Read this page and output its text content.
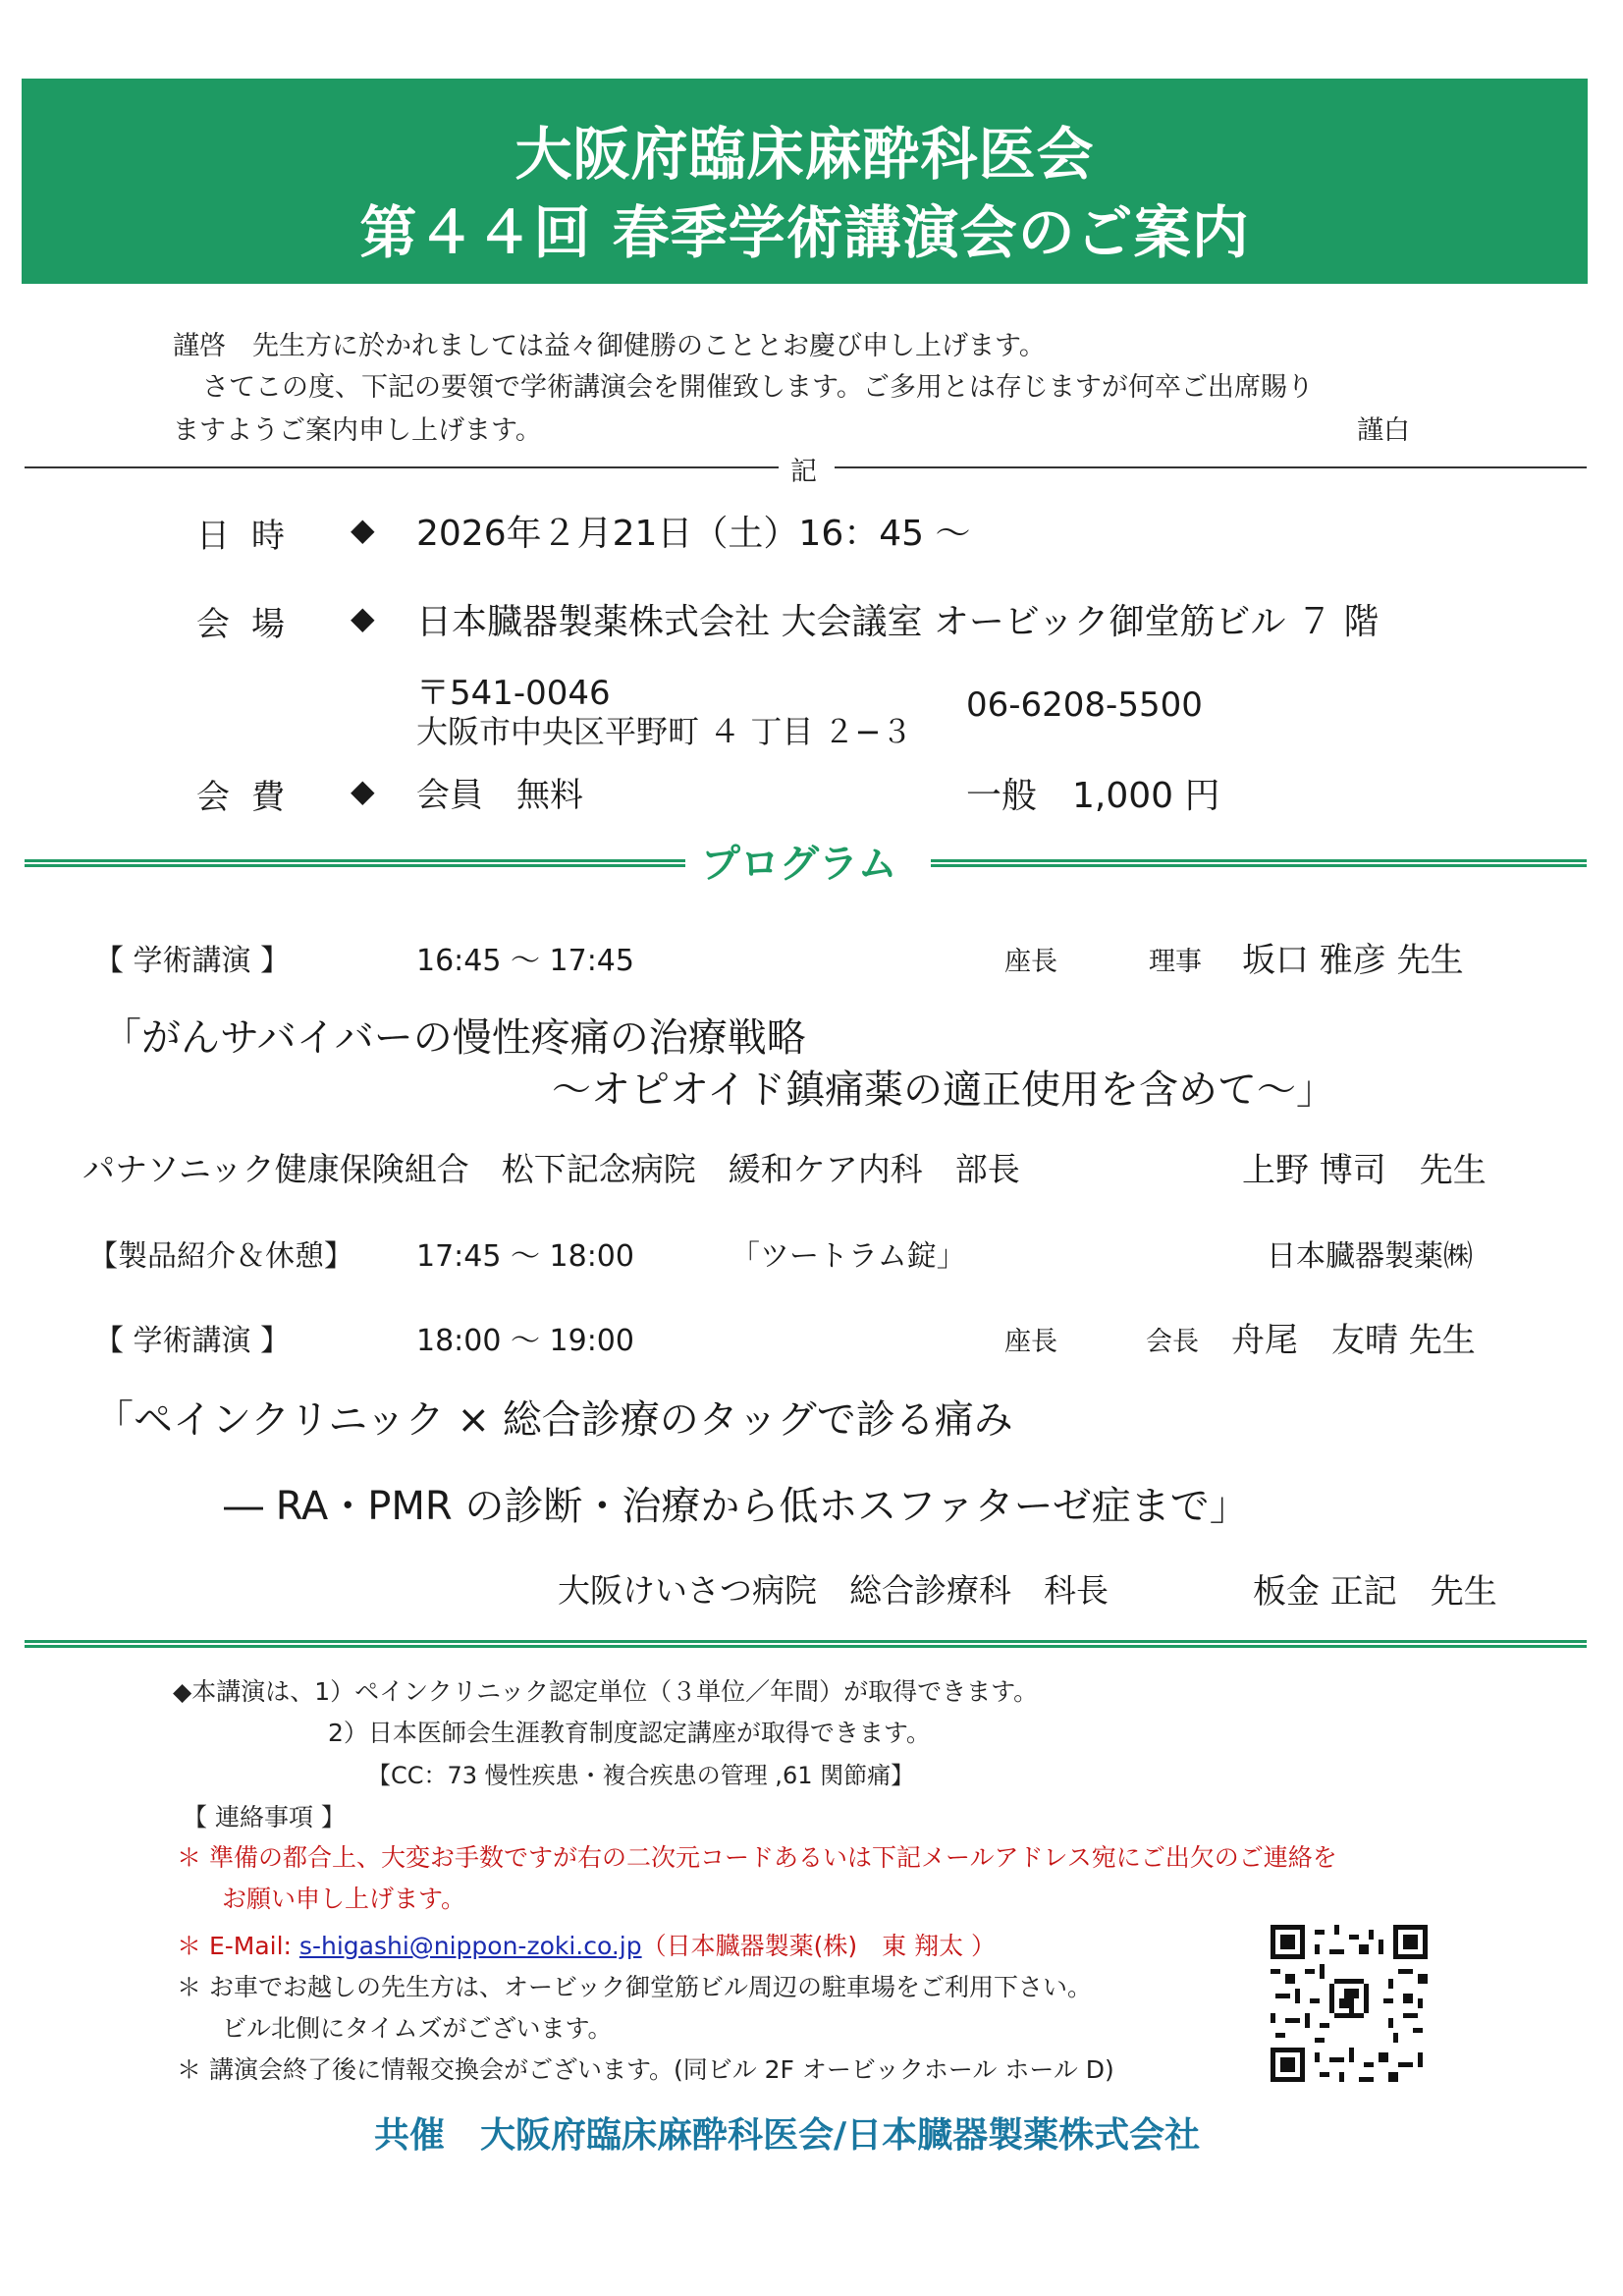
大阪府臨床麻酔科医会
第４４回 春季学術講演会のご案内
謹啓　先生方に於かれましては益々御健勝のこととお慶び申し上げます。
さてこの度、下記の要領で学術講演会を開催致します。ご多用とは存じますが何卒ご出席賜り
ますようご案内申し上げます。	謹白
記
日時 ◆ 2026年２月21日（土）16：45 ～
会場 ◆ 日本臓器製薬株式会社 大会議室 オービック御堂筋ビル ７ 階
〒541-0046
大阪市中央区平野町 ４ 丁目 ２−３
06-6208-5500
会費 ◆ 会員　無料	一般　1,000 円
プログラム
【 学術講演 】	16:45 ～ 17:45	座長	理事 坂口 雅彦 先生
「がんサバイバーの慢性疼痛の治療戦略
～オピオイド鎮痛薬の適正使用を含めて～」
パナソニック健康保険組合　松下記念病院　緩和ケア内科　部長	上野 博司　先生
【製品紹介＆休憩】 17:45 ～ 18:00	「ツートラム錠」	日本臓器製薬㈱
【 学術講演 】	18:00 ～ 19:00	座長	会長 舟尾　友晴 先生
「ペインクリニック × 総合診療のタッグで診る痛み
― RA・PMR の診断・治療から低ホスファターゼ症まで」
大阪けいさつ病院　総合診療科　科長	板金 正記　先生
◆本講演は、1）ペインクリニック認定単位（３単位／年間）が取得できます。
2）日本医師会生涯教育制度認定講座が取得できます。
【CC：73 慢性疾患・複合疾患の管理 ,61 関節痛】
【 連絡事項 】
＊ 準備の都合上、大変お手数ですが右の二次元コードあるいは下記メールアドレス宛にご出欠のご連絡を
お願い申し上げます。
＊ E-Mail: s-higashi@nippon-zoki.co.jp（日本臓器製薬(株)　東 翔太 ）
＊ お車でお越しの先生方は、オービック御堂筋ビル周辺の駐車場をご利用下さい。
ビル北側にタイムズがございます。
＊ 講演会終了後に情報交換会がございます。(同ビル 2F オービックホール ホール D)
共催　大阪府臨床麻酔科医会/日本臓器製薬株式会社
